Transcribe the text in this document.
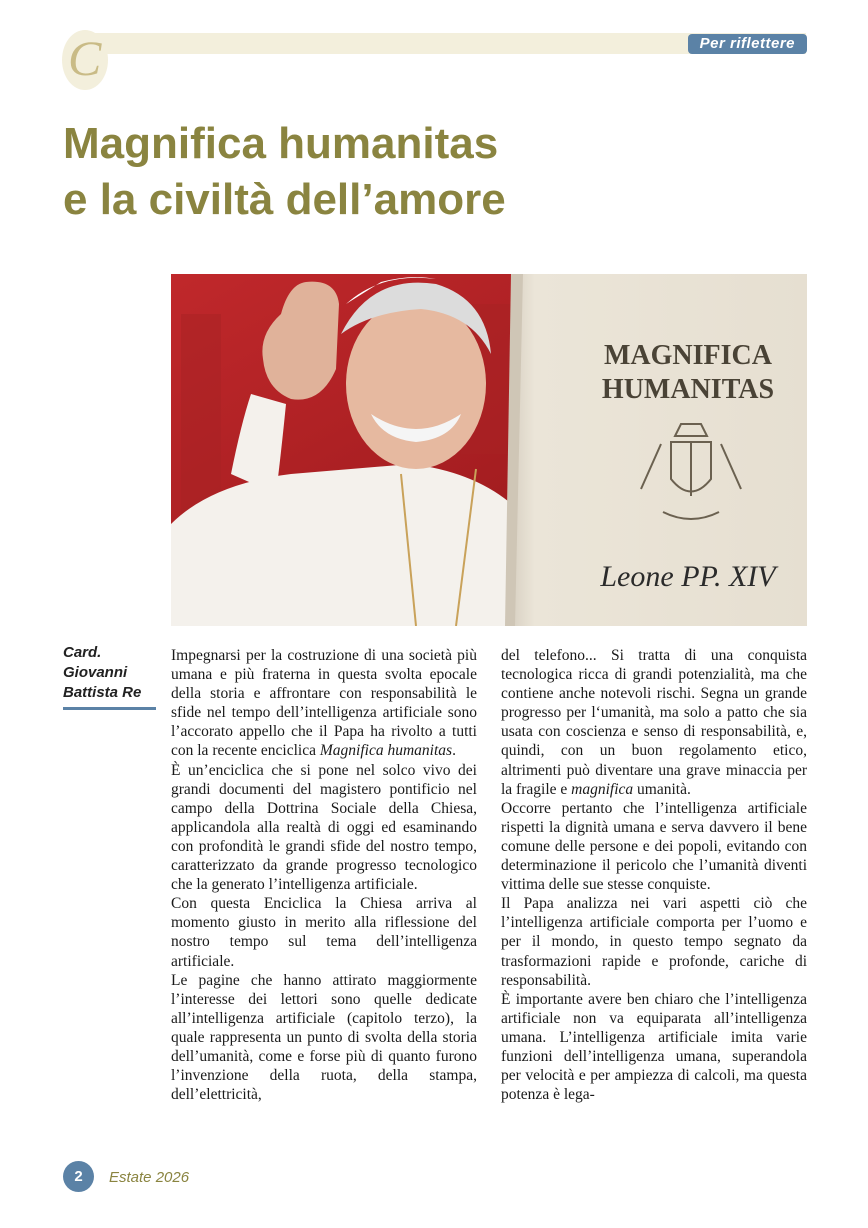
C	Per riflettere
Magnifica humanitas
e la civiltà dell’amore
MAGNIFICA
HUMANITAS
Leone PP. XIV
Card.
Giovanni
Battista Re

Impegnarsi per la costruzione di una società più umana e più fraterna in questa svolta epocale della storia e affrontare con responsabilità le sfide nel tempo dell’intelligenza artificiale sono l’accorato appello che il Papa ha rivolto a tutti con la recente enciclica Magnifica humanitas.

È un’enciclica che si pone nel solco vivo dei grandi documenti del magistero pontificio nel campo della Dottrina Sociale della Chiesa, applicandola alla realtà di oggi ed esaminando con profondità le grandi sfide del nostro tempo, caratterizzato da grande progresso tecnologico che la generato l’intelligenza artificiale.

Con questa Enciclica la Chiesa arriva al momento giusto in merito alla riflessione del nostro tempo sul tema dell’intelligenza artificiale.

Le pagine che hanno attirato maggiormente l’interesse dei lettori sono quelle dedicate all’intelligenza artificiale (capitolo terzo), la quale rappresenta un punto di svolta della storia dell’umanità, come e forse più di quanto furono l’invenzione della ruota, della stampa, dell’elettricità,

del telefono... Si tratta di una conquista tecnologica ricca di grandi potenzialità, ma che contiene anche notevoli rischi. Segna un grande progresso per l‘umanità, ma solo a patto che sia usata con coscienza e senso di responsabilità, e, quindi, con un buon regolamento etico, altrimenti può diventare una grave minaccia per la fragile e magnifica umanità.

Occorre pertanto che l’intelligenza artificiale rispetti la dignità umana e serva davvero il bene comune delle persone e dei popoli, evitando con determinazione il pericolo che l’umanità diventi vittima delle sue stesse conquiste.

Il Papa analizza nei vari aspetti ciò che l’intelligenza artificiale comporta per l’uomo e per il mondo, in questo tempo segnato da trasformazioni rapide e profonde, cariche di responsabilità.

È importante avere ben chiaro che l’intelligenza artificiale non va equiparata all’intelligenza umana. L’intelligenza artificiale imita varie funzioni dell’intelligenza umana, superandola per velocità e per ampiezza di calcoli, ma questa potenza è lega-

2	Estate 2026
